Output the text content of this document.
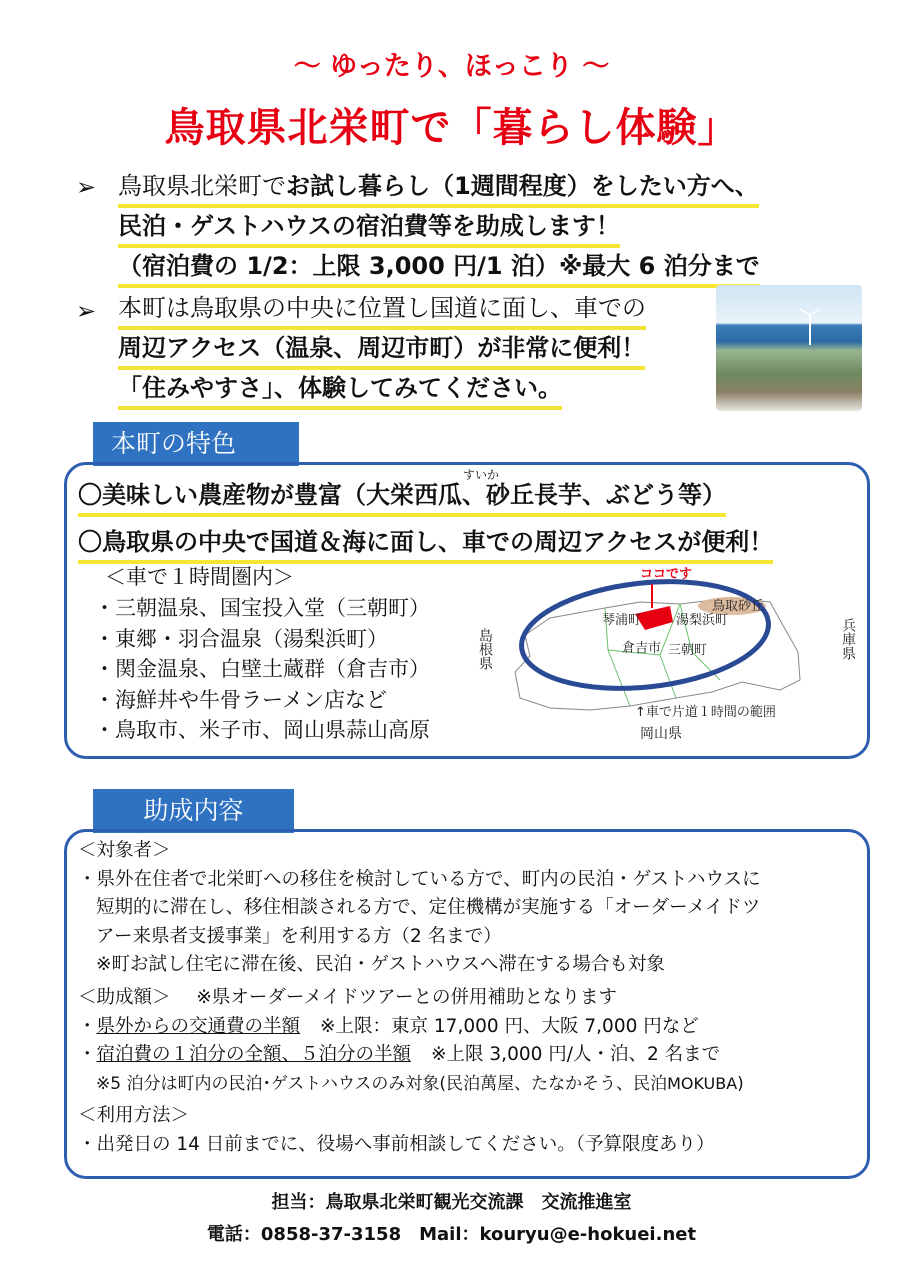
～ ゆったり、ほっこり ～
鳥取県北栄町で「暮らし体験」
➢ 鳥取県北栄町でお試し暮らし（1週間程度）をしたい方へ、
民泊・ゲストハウスの宿泊費等を助成します！
（宿泊費の 1/2：上限 3,000 円/1 泊）※最大 6 泊分まで
➢ 本町は鳥取県の中央に位置し国道に面し、車での
周辺アクセス（温泉、周辺市町）が非常に便利！
「住みやすさ」、体験してみてください。
本町の特色
すいか
〇美味しい農産物が豊富（大栄西瓜、砂丘長芋、ぶどう等）
〇鳥取県の中央で国道＆海に面し、車での周辺アクセスが便利！
＜車で１時間圏内＞
・三朝温泉、国宝投入堂（三朝町）
・東郷・羽合温泉（湯梨浜町）
・関金温泉、白壁土蔵群（倉吉市）
・海鮮丼や牛骨ラーメン店など
・鳥取市、米子市、岡山県蒜山高原
ココです
琴浦町	湯梨浜町
倉吉市 三朝町
鳥取砂丘
島根県	兵庫県
岡山県
↑車で片道１時間の範囲
助成内容
＜対象者＞
・県外在住者で北栄町への移住を検討している方で、町内の民泊・ゲストハウスに
短期的に滞在し、移住相談される方で、定住機構が実施する「オーダーメイドツ
アー来県者支援事業」を利用する方（2 名まで）
※町お試し住宅に滞在後、民泊・ゲストハウスへ滞在する場合も対象
＜助成額＞ ※県オーダーメイドツアーとの併用補助となります
・県外からの交通費の半額 ※上限：東京 17,000 円、大阪 7,000 円など
・宿泊費の１泊分の全額、５泊分の半額 ※上限 3,000 円/人・泊、2 名まで
※5 泊分は町内の民泊･ゲストハウスのみ対象(民泊萬屋、たなかそう、民泊MOKUBA)
＜利用方法＞
・出発日の 14 日前までに、役場へ事前相談してください。（予算限度あり）
担当：鳥取県北栄町観光交流課　交流推進室
電話：0858-37-3158　Mail：kouryu@e-hokuei.net
